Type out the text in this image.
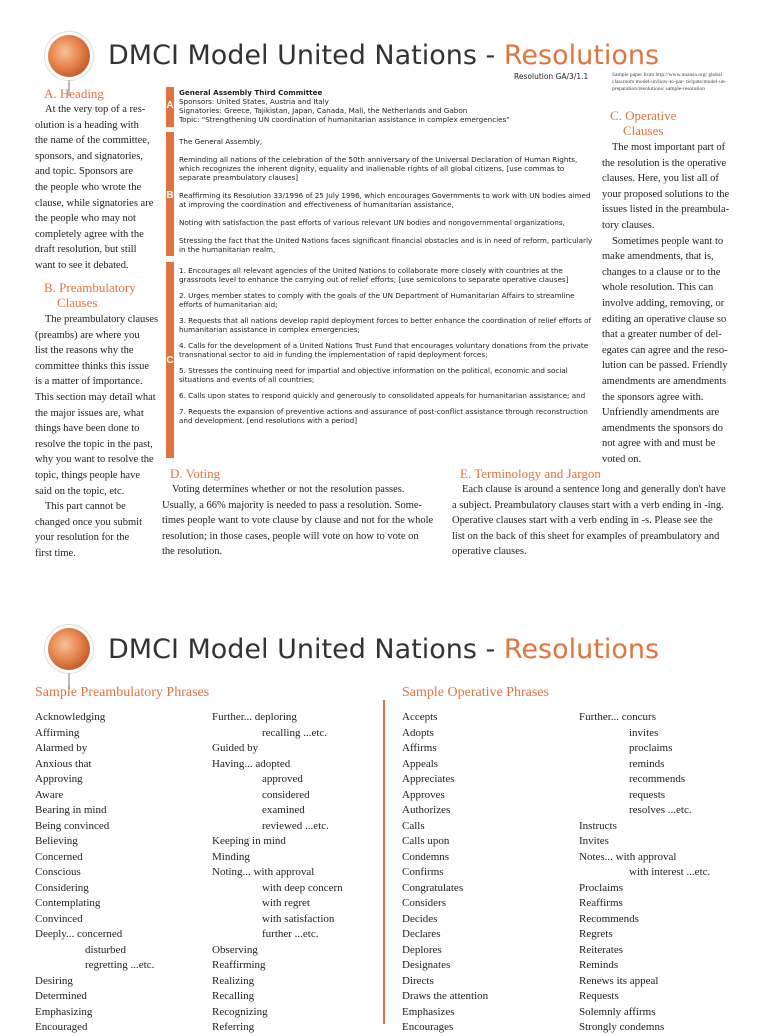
DMCI Model United Nations - Resolutions
Resolution GA/3/1.1	Sample paper from http://www.unausa.org/ global classroom model-un/how-to-par- ticipate/model-un-preparation/resolutions/ sample-resolution
A. Heading
At the very top of a res-
olution is a heading with
the name of the committee,
sponsors, and signatories,
and topic. Sponsors are
the people who wrote the
clause, while signatories are
the people who may not
completely agree with the
draft resolution, but still
want to see it debated.
B. Preambulatory
Clauses
The preambulatory clauses
(preambs) are where you
list the reasons why the
committee thinks this issue
is a matter of importance.
This section may detail what
the major issues are, what
things have been done to
resolve the topic in the past,
why you want to resolve the
topic, things people have
said on the topic, etc.
This part cannot be
changed once you submit
your resolution for the
first time.
C. Operative
Clauses
The most important part of
the resolution is the operative
clauses. Here, you list all of
your proposed solutions to the
issues listed in the preambula-
tory clauses.
Sometimes people want to
make amendments, that is,
changes to a clause or to the
whole resolution. This can
involve adding, removing, or
editing an operative clause so
that a greater number of del-
egates can agree and the reso-
lution can be passed. Friendly
amendments are amendments
the sponsors agree with.
Unfriendly amendments are
amendments the sponsors do
not agree with and must be
voted on.
A
B
C
General Assembly Third Committee
Sponsors: United States, Austria and Italy
Signatories: Greece, Tajikistan, Japan, Canada, Mali, the Netherlands and Gabon
Topic: "Strengthening UN coordination of humanitarian assistance in complex emergencies"
The General Assembly,
Reminding all nations of the celebration of the 50th anniversary of the Universal Declaration of Human Rights, which recognizes the inherent dignity, equality and inalienable rights of all global citizens, [use commas to separate preambulatory clauses]
Reaffirming its Resolution 33/1996 of 25 July 1996, which encourages Governments to work with UN bodies aimed at improving the coordination and effectiveness of humanitarian assistance,
Noting with satisfaction the past efforts of various relevant UN bodies and nongovernmental organizations,
Stressing the fact that the United Nations faces significant financial obstacles and is in need of reform, particularly in the humanitarian realm,
1. Encourages all relevant agencies of the United Nations to collaborate more closely with countries at the grassroots level to enhance the carrying out of relief efforts; [use semicolons to separate operative clauses]
2. Urges member states to comply with the goals of the UN Department of Humanitarian Affairs to streamline efforts of humanitarian aid;
3. Requests that all nations develop rapid deployment forces to better enhance the coordination of relief efforts of humanitarian assistance in complex emergencies;
4. Calls for the development of a United Nations Trust Fund that encourages voluntary donations from the private transnational sector to aid in funding the implementation of rapid deployment forces;
5. Stresses the continuing need for impartial and objective information on the political, economic and social situations and events of all countries;
6. Calls upon states to respond quickly and generously to consolidated appeals for humanitarian assistance; and
7. Requests the expansion of preventive actions and assurance of post-conflict assistance through reconstruction and development. [end resolutions with a period]
D. Voting
Voting determines whether or not the resolution passes.
Usually, a 66% majority is needed to pass a resolution. Some-
times people want to vote clause by clause and not for the whole
resolution; in those cases, people will vote on how to vote on
the resolution.
E. Terminology and Jargon
Each clause is around a sentence long and generally don't have
a subject. Preambulatory clauses start with a verb ending in -ing.
Operative clauses start with a verb ending in -s. Please see the
list on the back of this sheet for examples of preambulatory and
operative clauses.
DMCI Model United Nations - Resolutions
Sample Preambulatory Phrases	Sample Operative Phrases
Acknowledging
Affirming
Alarmed by
Anxious that
Approving
Aware
Bearing in mind
Being convinced
Believing
Concerned
Conscious
Considering
Contemplating
Convinced
Deeply... concerned
disturbed
regretting ...etc.
Desiring
Determined
Emphasizing
Encouraged
Further... deploring
recalling ...etc.
Guided by
Having... adopted
approved
considered
examined
reviewed ...etc.
Keeping in mind
Minding
Noting... with approval
with deep concern
with regret
with satisfaction
further ...etc.
Observing
Reaffirming
Realizing
Recalling
Recognizing
Referring
Accepts
Adopts
Affirms
Appeals
Appreciates
Approves
Authorizes
Calls
Calls upon
Condemns
Confirms
Congratulates
Considers
Decides
Declares
Deplores
Designates
Directs
Draws the attention
Emphasizes
Encourages
Further... concurs
invites
proclaims
reminds
recommends
requests
resolves ...etc.
Instructs
Invites
Notes... with approval
with interest ...etc.
Proclaims
Reaffirms
Recommends
Regrets
Reiterates
Reminds
Renews its appeal
Requests
Solemnly affirms
Strongly condemns
